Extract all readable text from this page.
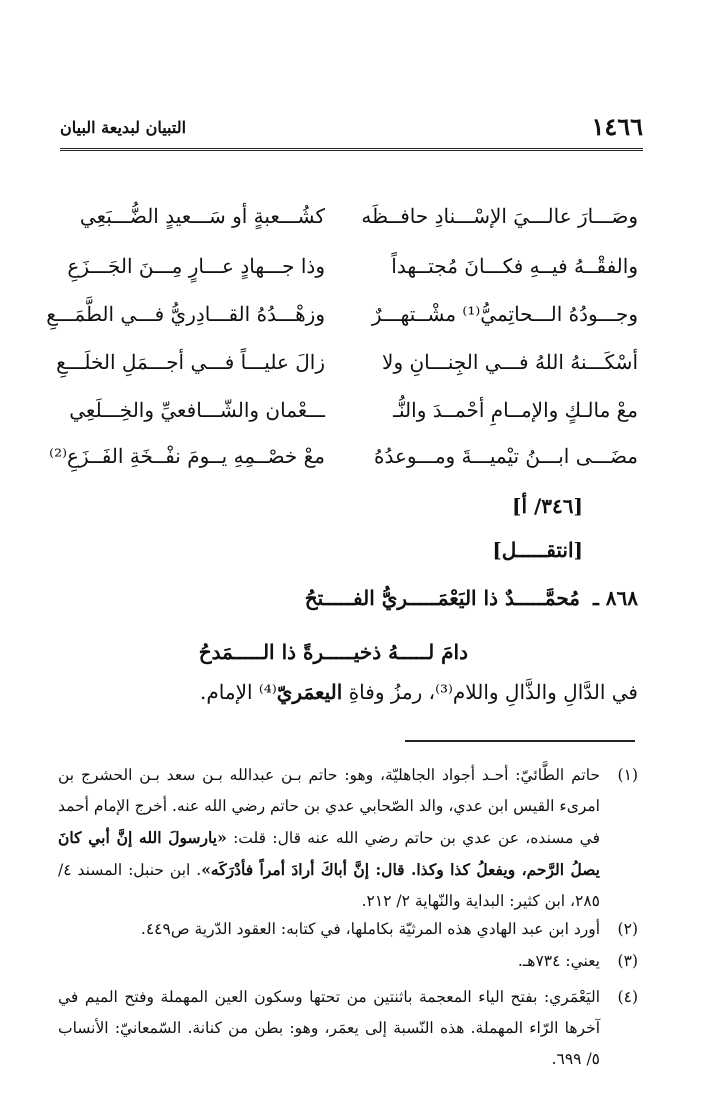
١٤٦٦
التبيان لبديعة البيان
وصَـــارَ عالـــيَ الإسْـــنادِ حافــظَه
كشُـــعبةٍ أو سَـــعيدٍ الضُّـــبَعِي
والفقْــهُ فيــهِ فكـــانَ مُجتــهداً
وذا جـــهادٍ عـــارٍ مِـــنَ الجَـــزَعِ
وجـــودُهُ الـــحاتِميُّ⁽¹⁾ مشْــتهـــرٌ
وزهْـــدُهُ القـــادِريُّ فـــي الطَّمَـــعِ
أسْكَـــنهُ اللهُ فـــي الجِنـــانِ ولا
زالَ عليـــاً فـــي أجـــمَلِ الخلَـــعِ
معْ مالـكٍ والإمــامِ أحْمــدَ والنُّـ
ـــعْمان والشّـــافعيِّ والخِـــلَعِي
مضَـــى ابـــنُ تيْميـــةَ ومـــوعدُهُ
معْ خصْــمِهِ يــومَ نفْــخَةِ الفَــزَعِ⁽²⁾
[٣٤٦/ أ]
[انتقـــــل]
٨٦٨ ـ مُحمَّـــــدٌ ذا اليَعْمَـــــريُّ الفـــــتحُ
دامَ لـــــهُ ذخيـــــرةً ذا الـــــمَدحُ
في الدَّالِ والذَّالِ واللام⁽³⁾، رمزُ وفاةِ اليعمَريّ⁽⁴⁾ الإمام.
(١)
حاتم الطَّائيّ: أحـد أجواد الجاهليّة، وهو: حاتم بـن عبدالله بـن سعد بـن الحشرج بن امرىء القيس ابن عدي، والد الصّحابي عدي بن حاتم رضي الله عنه. أخرج الإمام أحمد في مسنده، عن عدي بن حاتم رضي الله عنه قال: قلت: «يارسولَ الله إنَّ أبي كانَ يصلُ الرَّحم، ويفعلُ كذا وكذا. قال: إنَّ أباكَ أرادَ أمراً فأدْرَكَه». ابن حنبل: المسند ٤/ ٢٨٥، ابن كثير: البداية والنّهاية ٢/ ٢١٢.
(٢)
أورد ابن عبد الهادي هذه المرثيّة بكاملها، في كتابه: العقود الدّرية ص٤٤٩.
(٣)
يعني: ٧٣٤هـ.
(٤)
اليَعْمَري: بفتح الياء المعجمة باثنتين من تحتها وسكون العين المهملة وفتح الميم في آخرها الرّاء المهملة. هذه النّسبة إلى يعمَر، وهو: بطن من كنانة. السّمعانيّ: الأنساب ٥/ ٦٩٩.
